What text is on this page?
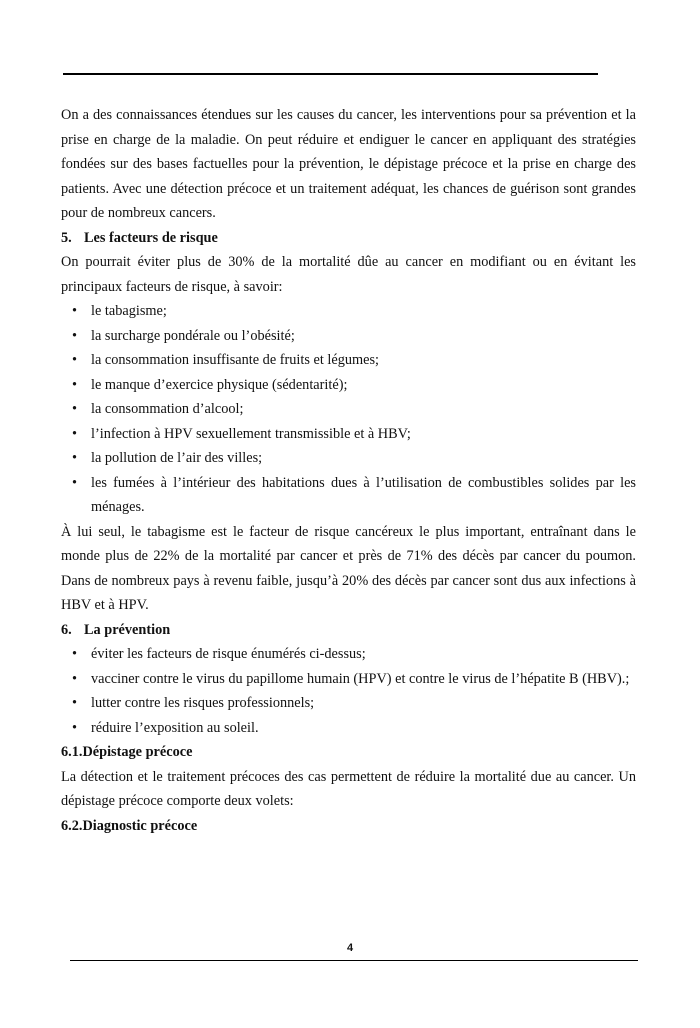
On a des connaissances étendues sur les causes du cancer, les interventions pour sa prévention et la prise en charge de la maladie. On peut réduire et endiguer le cancer en appliquant des stratégies fondées sur des bases factuelles pour la prévention, le dépistage précoce et la prise en charge des patients. Avec une détection précoce et un traitement adéquat, les chances de guérison sont grandes pour de nombreux cancers.

5. Les facteurs de risque

On pourrait éviter plus de 30% de la mortalité dûe au cancer en modifiant ou en évitant les principaux facteurs de risque, à savoir:

• le tabagisme;
• la surcharge pondérale ou l’obésité;
• la consommation insuffisante de fruits et légumes;
• le manque d’exercice physique (sédentarité);
• la consommation d’alcool;
• l’infection à HPV sexuellement transmissible et à HBV;
• la pollution de l’air des villes;
• les fumées à l’intérieur des habitations dues à l’utilisation de combustibles solides par les ménages.

À lui seul, le tabagisme est le facteur de risque cancéreux le plus important, entraînant dans le monde plus de 22% de la mortalité par cancer et près de 71% des décès par cancer du poumon. Dans de nombreux pays à revenu faible, jusqu’à 20% des décès par cancer sont dus aux infections à HBV et à HPV.

6. La prévention
• éviter les facteurs de risque énumérés ci-dessus;
• vacciner contre le virus du papillome humain (HPV) et contre le virus de l’hépatite B (HBV).;
• lutter contre les risques professionnels;
• réduire l’exposition au soleil.
6.1.Dépistage précoce

La détection et le traitement précoces des cas permettent de réduire la mortalité due au cancer. Un dépistage précoce comporte deux volets:

6.2.Diagnostic précoce
4
